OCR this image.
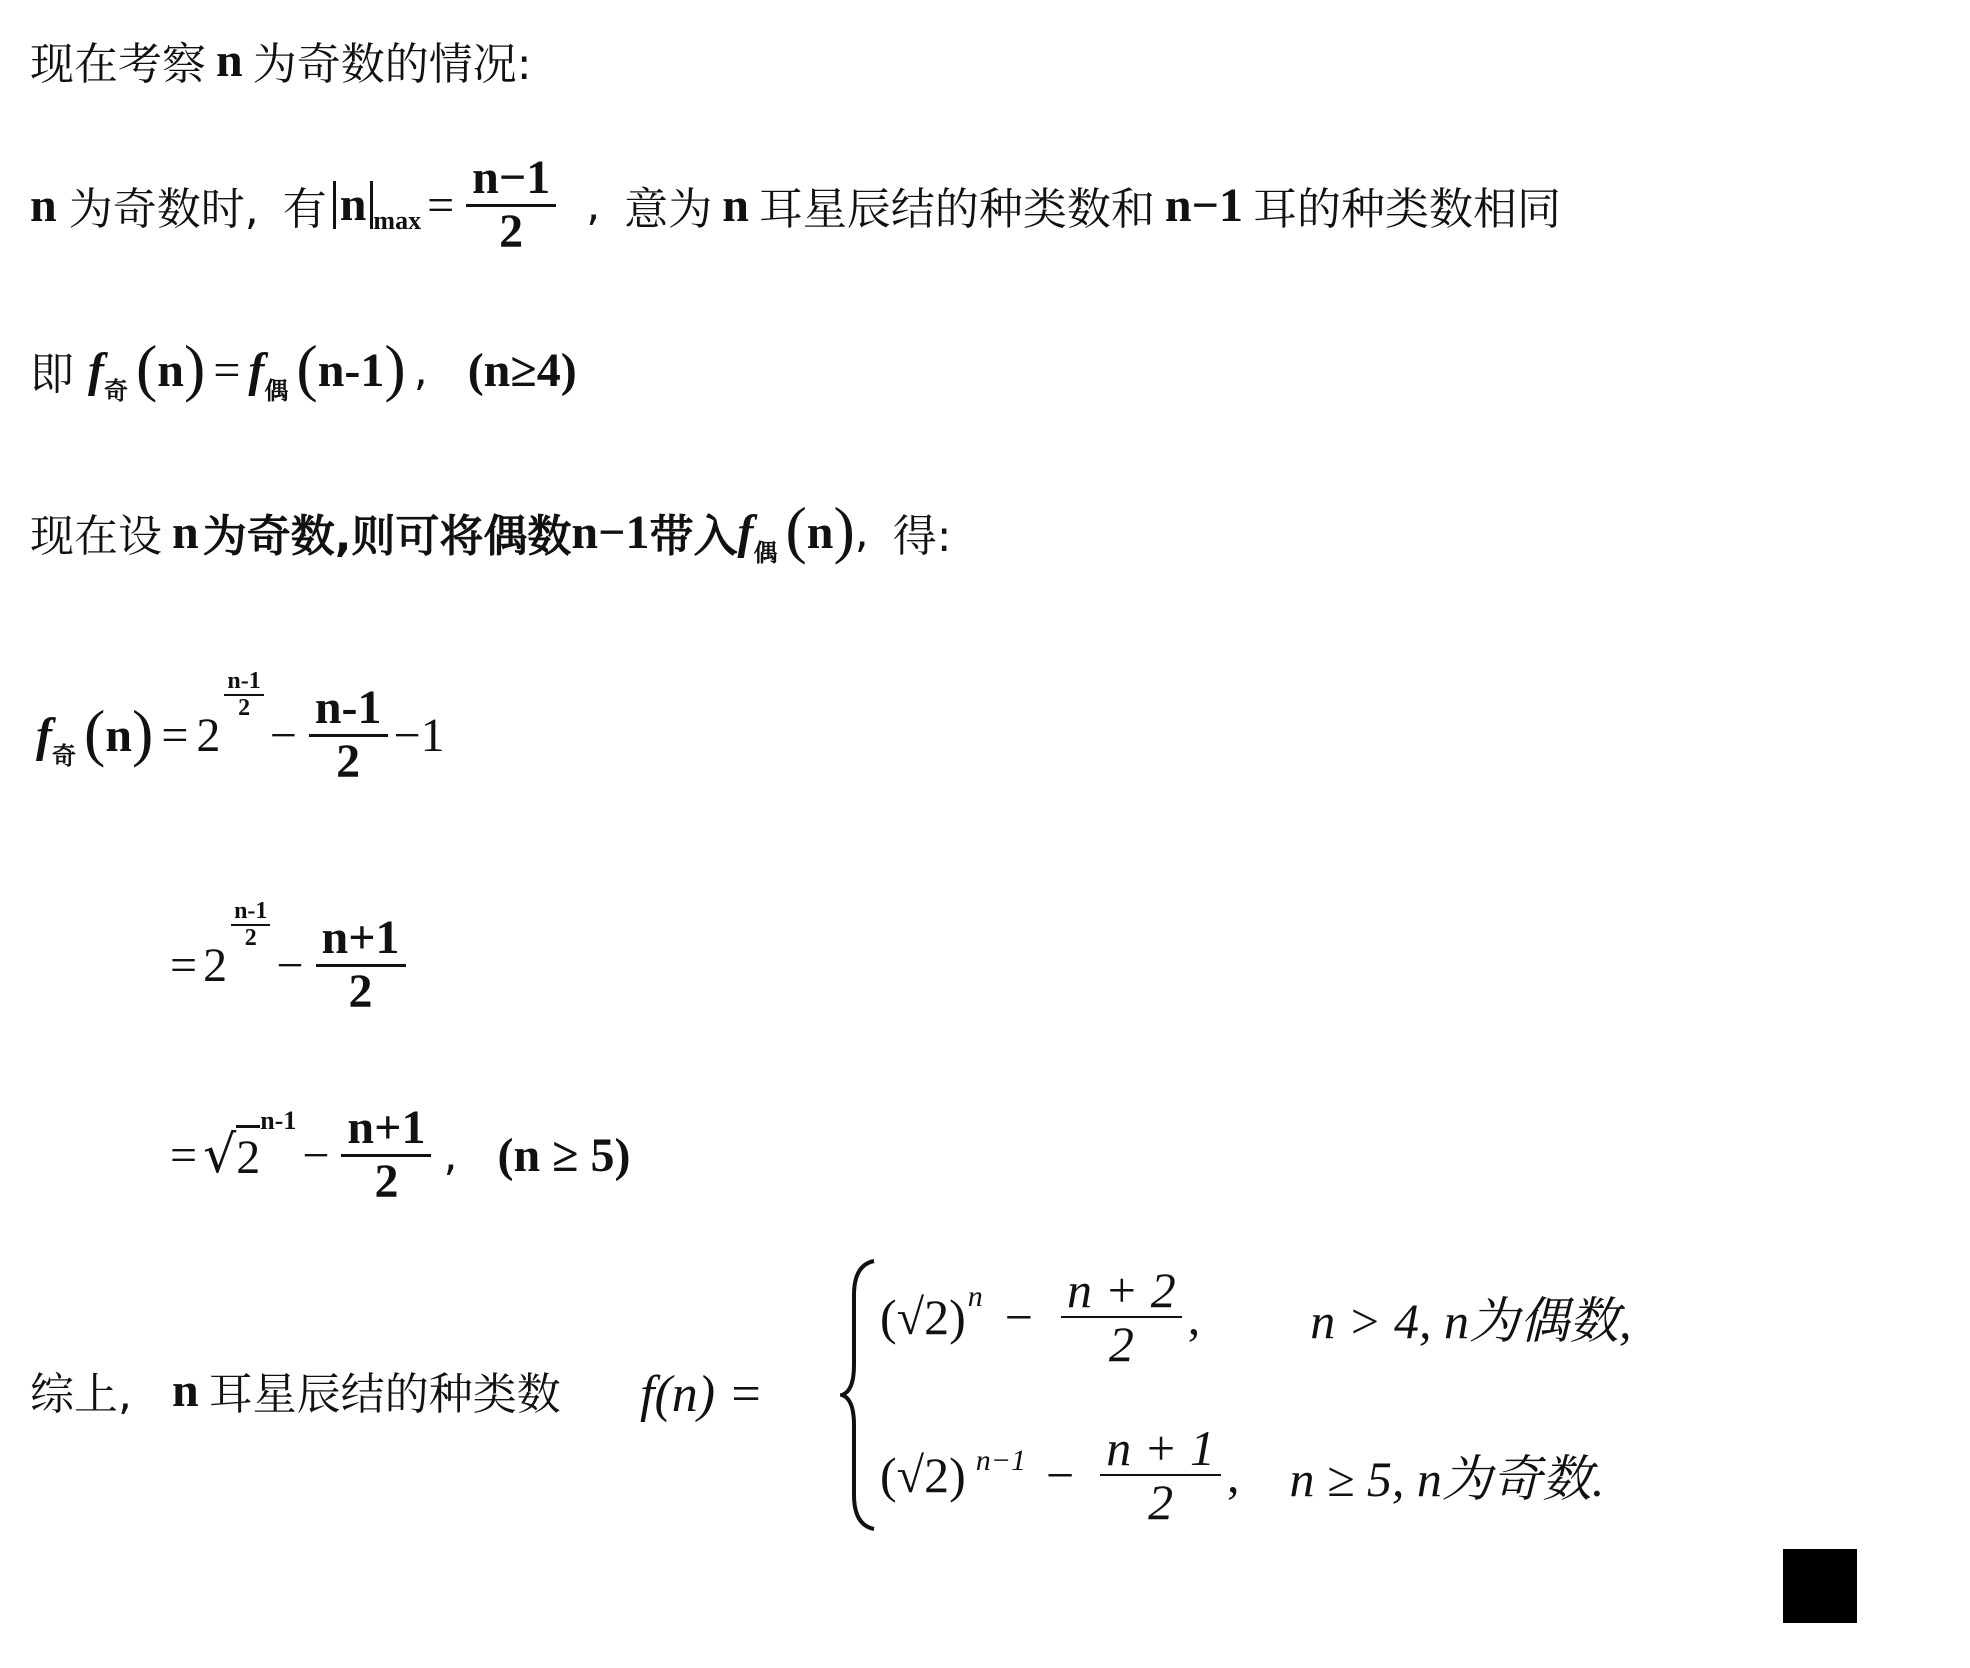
现在考察 n 为奇数的情况:
n 为奇数时, 有 n $\max = \frac{n-1}{2}$ , 意为 n 耳星辰结的种类数和 n−1 耳的种类数相同
即 f 奇 ( n ) = f 偶 ( n-1 ) , (n≥4)
现在设 n 为奇数,则可将偶数 n−1 带入 f 偶 ( n ) , 得:
f 奇 ( n ) = 2
$\frac{n-1}{2}$
− $\frac{n-1}{2} -1$
= 2
$\frac{n-1}{2}$
− $\frac{n+1}{2}$
= √ 2
n-1
− $\frac{n+1}{2}$ , (n ≥ 5)
综上, n 耳星辰结的种类数 f(n) =
(√2) $n - \frac{n + 2}{2}$ , n > 4, n为偶数,
(√2) $n-1 - \frac{n + 1}{2}$ , n ≥ 5, n为奇数.
